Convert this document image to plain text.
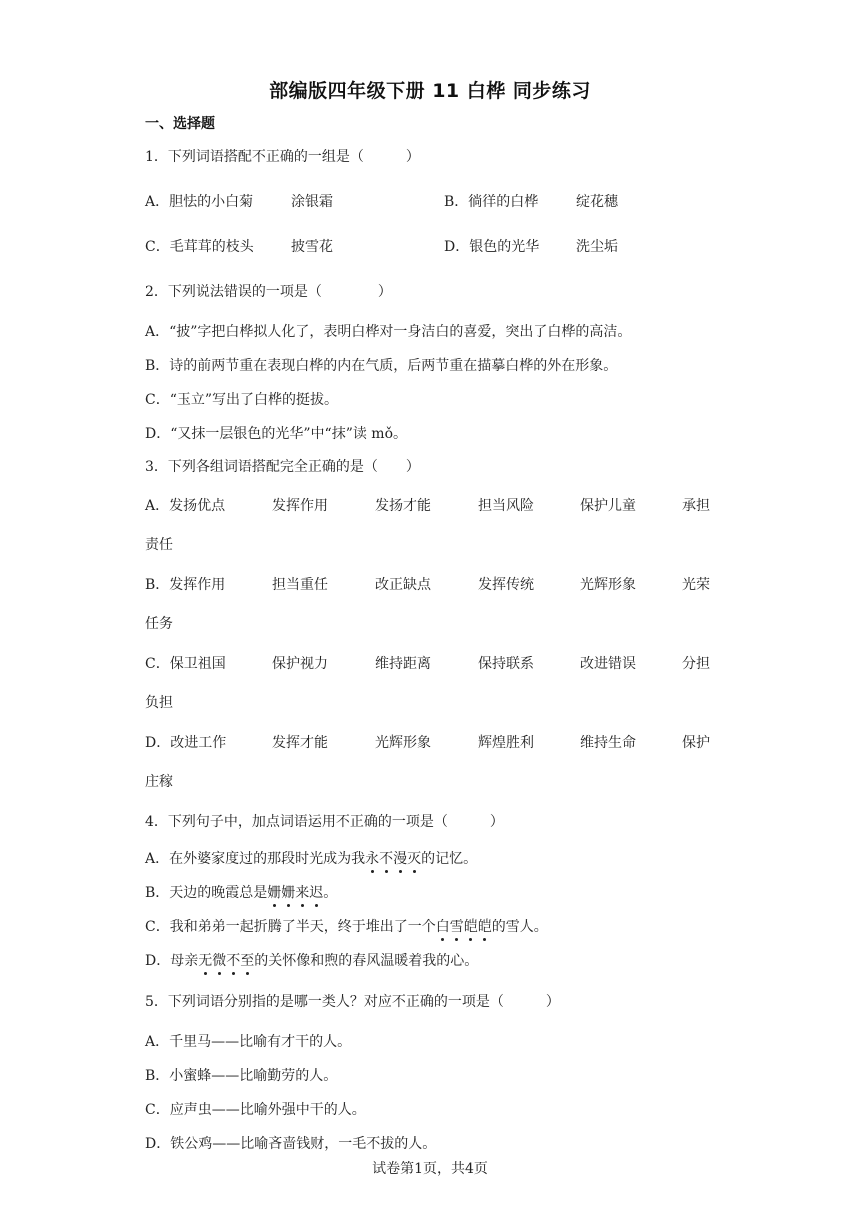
部编版四年级下册 11 白桦 同步练习
一、选择题
1．下列词语搭配不正确的一组是（　　　）
A．胆怯的小白菊	涂银霜	B．徜徉的白桦	绽花穗
C．毛茸茸的枝头	披雪花	D．银色的光华	洗尘垢
2．下列说法错误的一项是（　　　　）
A．“披”字把白桦拟人化了，表明白桦对一身洁白的喜爱，突出了白桦的高洁。
B．诗的前两节重在表现白桦的内在气质，后两节重在描摹白桦的外在形象。
C．“玉立”写出了白桦的挺拔。
D．“又抹一层银色的光华”中“抹”读 mǒ。
3．下列各组词语搭配完全正确的是（　　）
A．发扬优点	发挥作用	发扬才能	担当风险	保护儿童	承担
责任
B．发挥作用	担当重任	改正缺点	发挥传统	光辉形象	光荣
任务
C．保卫祖国	保护视力	维持距离	保持联系	改进错误	分担
负担
D．改进工作	发挥才能	光辉形象	辉煌胜利	维持生命	保护
庄稼
4．下列句子中，加点词语运用不正确的一项是（　　　）
A．在外婆家度过的那段时光成为我永不漫灭的记忆。
B．天边的晚霞总是姗姗来迟。
C．我和弟弟一起折腾了半天，终于堆出了一个白雪皑皑的雪人。
D．母亲无微不至的关怀像和煦的春风温暖着我的心。
5．下列词语分别指的是哪一类人？对应不正确的一项是（　　　）
A．千里马——比喻有才干的人。
B．小蜜蜂——比喻勤劳的人。
C．应声虫——比喻外强中干的人。
D．铁公鸡——比喻吝啬钱财，一毛不拔的人。
试卷第1页，共4页
